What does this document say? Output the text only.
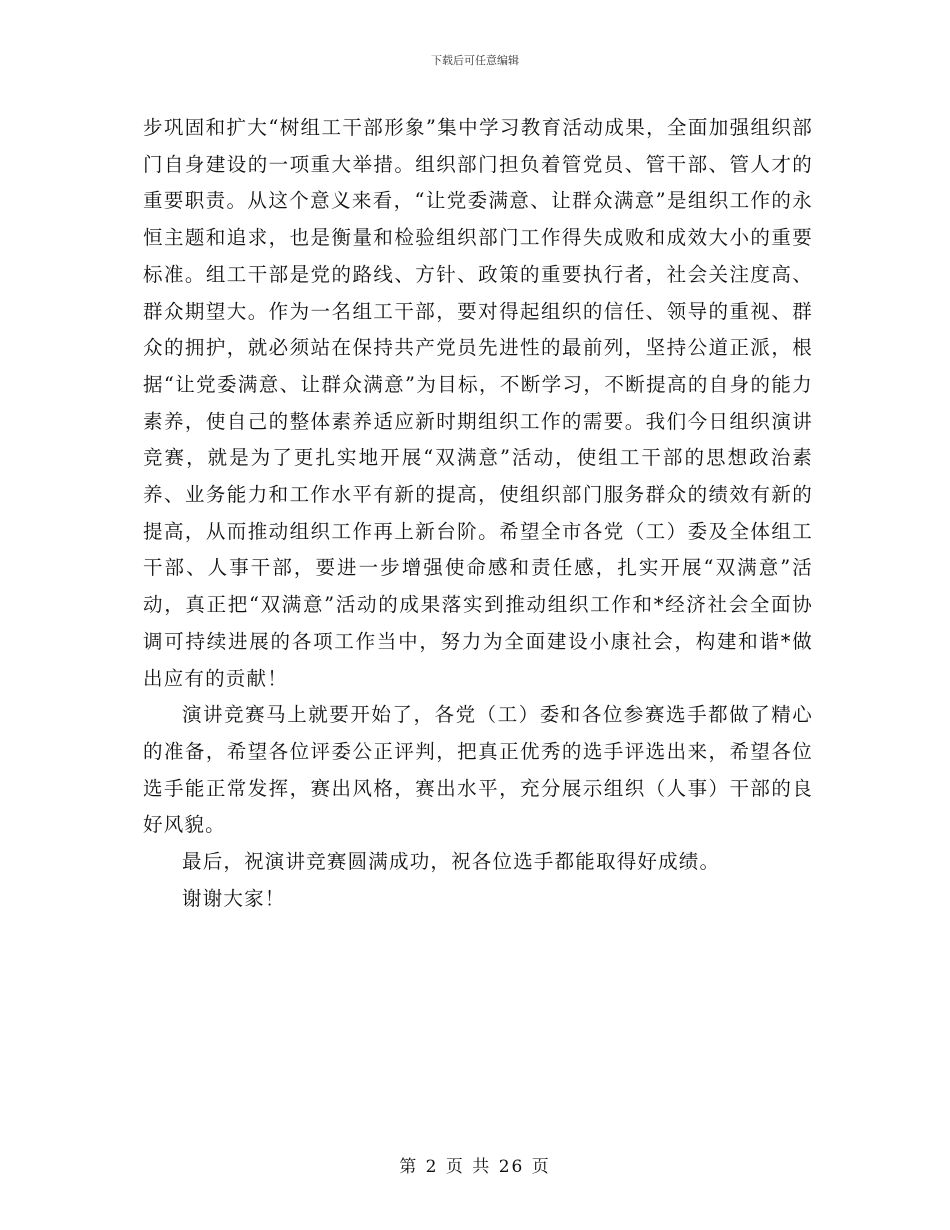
下载后可任意编辑

步巩固和扩大“树组工干部形象”集中学习教育活动成果，全面加强组织部门自身建设的一项重大举措。组织部门担负着管党员、管干部、管人才的重要职责。从这个意义来看，“让党委满意、让群众满意”是组织工作的永恒主题和追求，也是衡量和检验组织部门工作得失成败和成效大小的重要标准。组工干部是党的路线、方针、政策的重要执行者，社会关注度高、群众期望大。作为一名组工干部，要对得起组织的信任、领导的重视、群众的拥护，就必须站在保持共产党员先进性的最前列，坚持公道正派，根据“让党委满意、让群众满意”为目标，不断学习，不断提高的自身的能力素养，使自己的整体素养适应新时期组织工作的需要。我们今日组织演讲竞赛，就是为了更扎实地开展“双满意”活动，使组工干部的思想政治素养、业务能力和工作水平有新的提高，使组织部门服务群众的绩效有新的提高，从而推动组织工作再上新台阶。希望全市各党（工）委及全体组工干部、人事干部，要进一步增强使命感和责任感，扎实开展“双满意”活动，真正把“双满意”活动的成果落实到推动组织工作和*经济社会全面协调可持续进展的各项工作当中，努力为全面建设小康社会，构建和谐*做出应有的贡献！

演讲竞赛马上就要开始了，各党（工）委和各位参赛选手都做了精心的准备，希望各位评委公正评判，把真正优秀的选手评选出来，希望各位选手能正常发挥，赛出风格，赛出水平，充分展示组织（人事）干部的良好风貌。

最后，祝演讲竞赛圆满成功，祝各位选手都能取得好成绩。

谢谢大家！

第 2 页 共 26 页
